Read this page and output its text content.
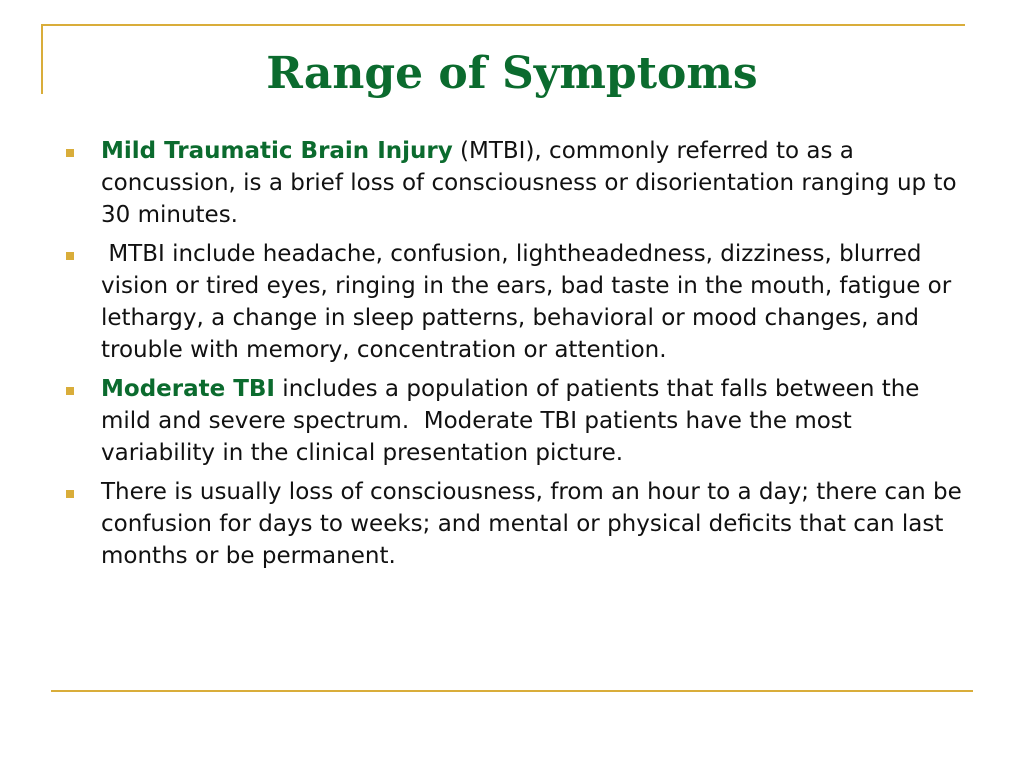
Range of Symptoms
Mild Traumatic Brain Injury (MTBI), commonly referred to as a concussion, is a brief loss of consciousness or disorientation ranging up to 30 minutes.
MTBI include headache, confusion, lightheadedness, dizziness, blurred vision or tired eyes, ringing in the ears, bad taste in the mouth, fatigue or lethargy, a change in sleep patterns, behavioral or mood changes, and trouble with memory, concentration or attention.
Moderate TBI includes a population of patients that falls between the mild and severe spectrum.  Moderate TBI patients have the most variability in the clinical presentation picture.
There is usually loss of consciousness, from an hour to a day; there can be confusion for days to weeks; and mental or physical deficits that can last months or be permanent.
